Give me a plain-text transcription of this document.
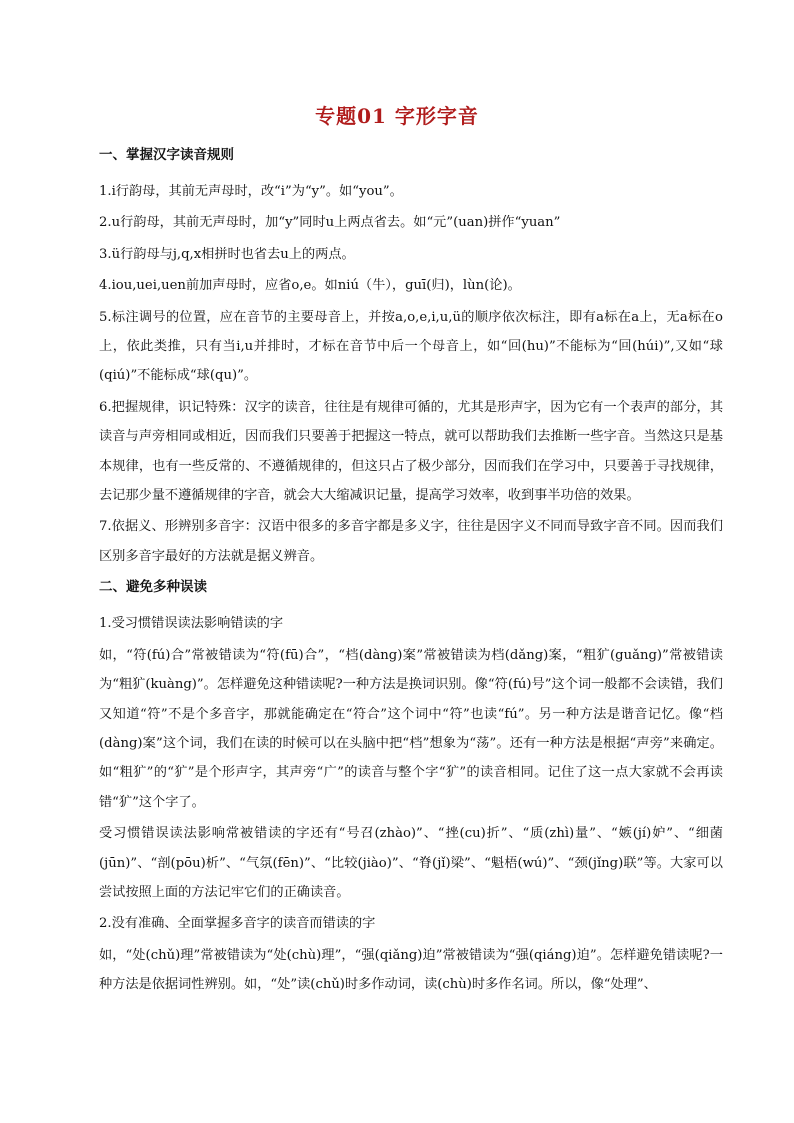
专题01 字形字音
一、掌握汉字读音规则
1.i行韵母，其前无声母时，改“i”为“y”。如“you”。
2.u行韵母，其前无声母时，加“y”同时u上两点省去。如“元”(uan)拼作“yuan”
3.ü行韵母与j,q,x相拼时也省去u上的两点。
4.iou,uei,uen前加声母时，应省o,e。如niú（牛），guī(归)，lùn(论)。
5.标注调号的位置，应在音节的主要母音上，并按a,o,e,i,u,ü的顺序依次标注，即有a标在a上，无a标在o上，依此类推，只有当i,u并排时，才标在音节中后一个母音上，如“回(hu)”不能标为“回(húi)”,又如“球(qiú)”不能标成“球(qu)”。
6.把握规律，识记特殊：汉字的读音，往往是有规律可循的，尤其是形声字，因为它有一个表声的部分，其读音与声旁相同或相近，因而我们只要善于把握这一特点，就可以帮助我们去推断一些字音。当然这只是基本规律，也有一些反常的、不遵循规律的，但这只占了极少部分，因而我们在学习中，只要善于寻找规律，去记那少量不遵循规律的字音，就会大大缩减识记量，提高学习效率，收到事半功倍的效果。
7.依据义、形辨别多音字：汉语中很多的多音字都是多义字，往往是因字义不同而导致字音不同。因而我们区别多音字最好的方法就是据义辨音。
二、避免多种误读
1.受习惯错误读法影响错读的字
如，“符(fú)合”常被错读为“符(fū)合”，“档(dàng)案”常被错读为档(dǎng)案，“粗犷(guǎng)”常被错读为“粗犷(kuàng)”。怎样避免这种错读呢?一种方法是换词识别。像“符(fú)号”这个词一般都不会读错，我们又知道“符”不是个多音字，那就能确定在“符合”这个词中“符”也读“fú”。另一种方法是谐音记忆。像“档(dàng)案”这个词，我们在读的时候可以在头脑中把“档”想象为“荡”。还有一种方法是根据“声旁”来确定。如“粗犷”的“犷”是个形声字，其声旁“广”的读音与整个字“犷”的读音相同。记住了这一点大家就不会再读错“犷”这个字了。
受习惯错误读法影响常被错读的字还有“号召(zhào)”、“挫(cu)折”、“质(zhì)量”、“嫉(jí)妒”、“细菌(jūn)”、“剖(pōu)析”、“气氛(fēn)”、“比较(jiào)”、“脊(jǐ)梁”、“魁梧(wú)”、“颈(jǐng)联”等。大家可以尝试按照上面的方法记牢它们的正确读音。
2.没有准确、全面掌握多音字的读音而错读的字
如，“处(chǔ)理”常被错读为“处(chù)理”，“强(qiǎng)迫”常被错读为“强(qiáng)迫”。怎样避免错读呢?一种方法是依据词性辨别。如，“处”读(chǔ)时多作动词，读(chù)时多作名词。所以，像“处理”、
